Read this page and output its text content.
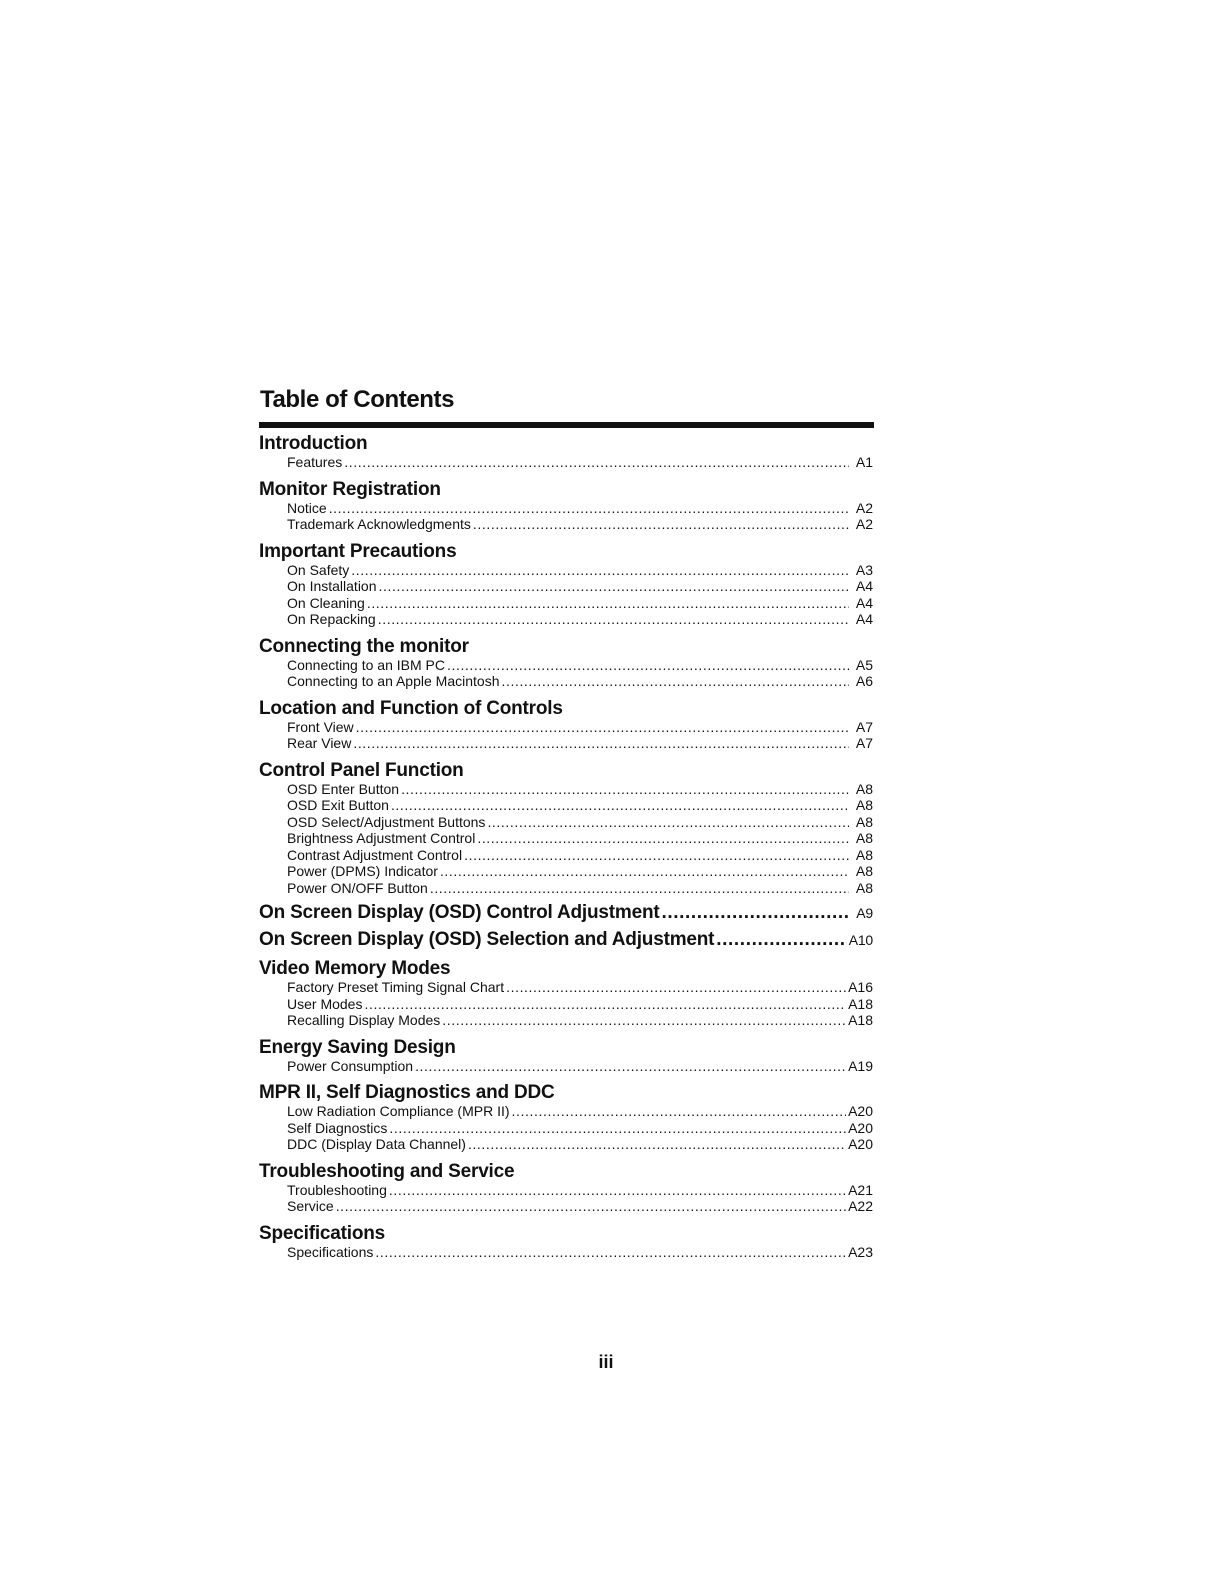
Table of Contents
Introduction
Features .....	A1
Monitor Registration
Notice .....	A2
Trademark Acknowledgments .....	A2
Important Precautions
On Safety .....	A3
On Installation .....	A4
On Cleaning .....	A4
On Repacking .....	A4
Connecting the monitor
Connecting to an IBM PC .....	A5
Connecting to an Apple Macintosh .....	A6
Location and Function of Controls
Front View .....	A7
Rear View .....	A7
Control Panel Function
OSD Enter Button .....	A8
OSD Exit Button .....	A8
OSD Select/Adjustment Buttons .....	A8
Brightness Adjustment Control .....	A8
Contrast Adjustment Control .....	A8
Power (DPMS) Indicator .....	A8
Power ON/OFF Button .....	A8
On Screen Display (OSD) Control Adjustment .....	A9
On Screen Display (OSD) Selection and Adjustment .....	A10
Video Memory Modes
Factory Preset Timing Signal Chart .....	A16
User Modes .....	A18
Recalling Display Modes .....	A18
Energy Saving Design
Power Consumption .....	A19
MPR II, Self Diagnostics and DDC
Low Radiation Compliance (MPR II) .....	A20
Self Diagnostics .....	A20
DDC (Display Data Channel) .....	A20
Troubleshooting and Service
Troubleshooting .....	A21
Service .....	A22
Specifications
Specifications .....	A23
iii
